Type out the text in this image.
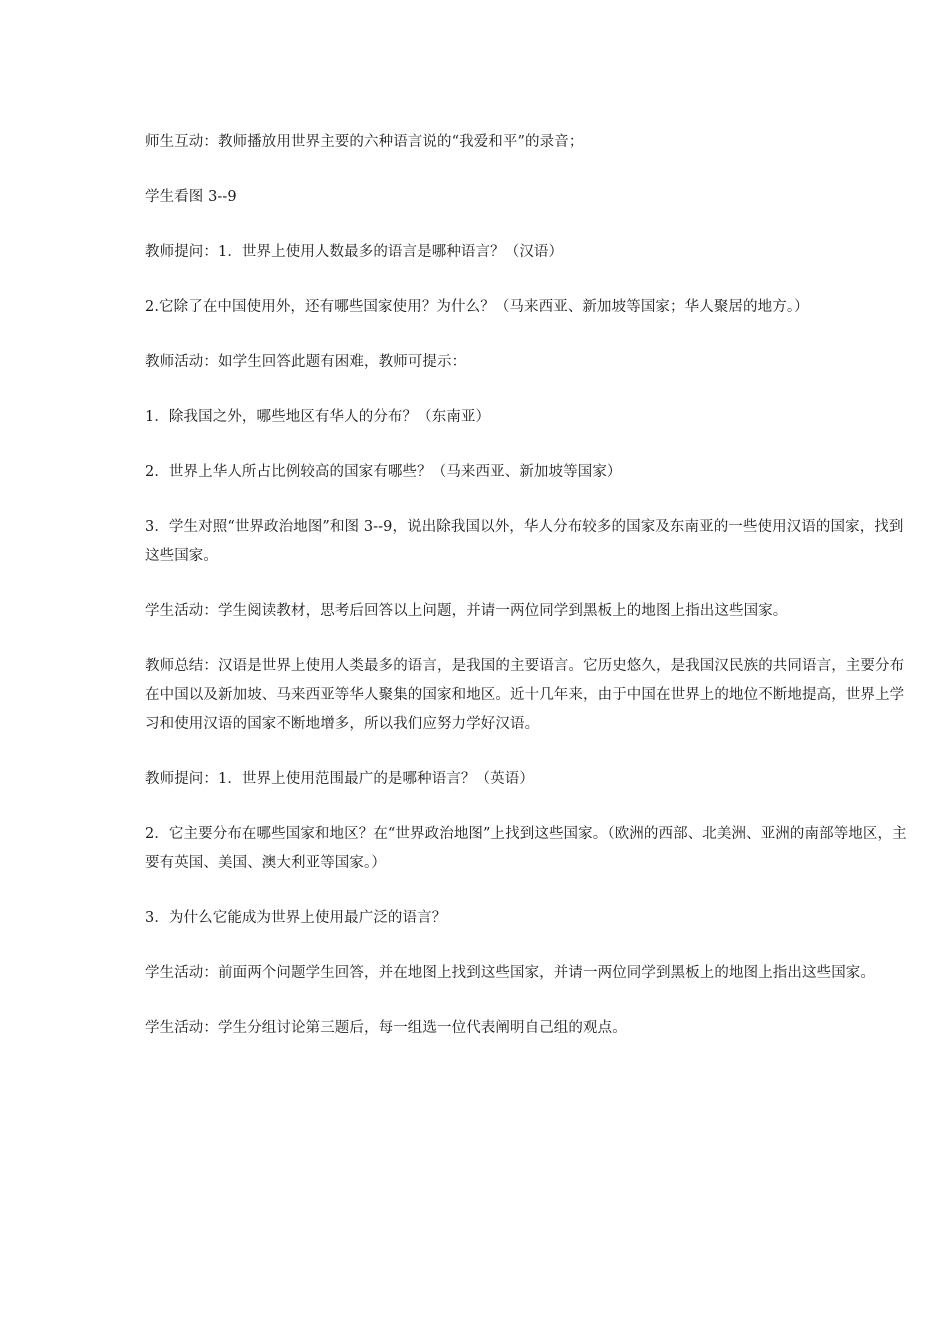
师生互动：教师播放用世界主要的六种语言说的“我爱和平”的录音；

学生看图 3--9

教师提问：1．世界上使用人数最多的语言是哪种语言？（汉语）

2.它除了在中国使用外，还有哪些国家使用？为什么？（马来西亚、新加坡等国家；华人聚居的地方。）

教师活动：如学生回答此题有困难，教师可提示：

1．除我国之外，哪些地区有华人的分布？（东南亚）

2．世界上华人所占比例较高的国家有哪些？（马来西亚、新加坡等国家）

3．学生对照“世界政治地图”和图 3--9，说出除我国以外，华人分布较多的国家及东南亚的一些使用汉语的国家，找到这些国家。

学生活动：学生阅读教材，思考后回答以上问题，并请一两位同学到黑板上的地图上指出这些国家。

教师总结：汉语是世界上使用人类最多的语言，是我国的主要语言。它历史悠久，是我国汉民族的共同语言，主要分布在中国以及新加坡、马来西亚等华人聚集的国家和地区。近十几年来，由于中国在世界上的地位不断地提高，世界上学习和使用汉语的国家不断地增多，所以我们应努力学好汉语。

教师提问：1．世界上使用范围最广的是哪种语言？（英语）

2．它主要分布在哪些国家和地区？在“世界政治地图”上找到这些国家。（欧洲的西部、北美洲、亚洲的南部等地区，主要有英国、美国、澳大利亚等国家。）

3．为什么它能成为世界上使用最广泛的语言？

学生活动：前面两个问题学生回答，并在地图上找到这些国家，并请一两位同学到黑板上的地图上指出这些国家。

学生活动：学生分组讨论第三题后，每一组选一位代表阐明自己组的观点。
